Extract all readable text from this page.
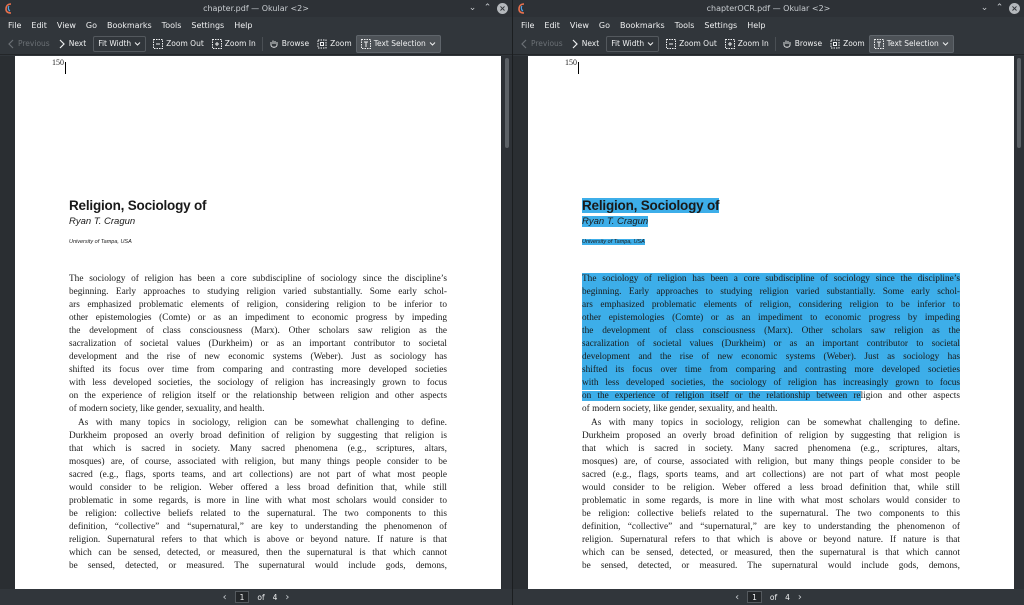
chapter.pdf — Okular <2>	⌄ ⌃ ×
File	Edit	View	Go	Bookmarks	Tools	Settings	Help
Previous	Next Fit Width	Zoom Out	Zoom In	Browse	Zoom	Text Selection
150
Religion, Sociology of
Ryan T. Cragun
University of Tampa, USA
The sociology of religion has been a core subdiscipline of sociology since the discipline’s
beginning. Early approaches to studying religion varied substantially. Some early schol-
ars emphasized problematic elements of religion, considering religion to be inferior to
other epistemologies (Comte) or as an impediment to economic progress by impeding
the development of class consciousness (Marx). Other scholars saw religion as the
sacralization of societal values (Durkheim) or as an important contributor to societal
development and the rise of new economic systems (Weber). Just as sociology has
shifted its focus over time from comparing and contrasting more developed societies
with less developed societies, the sociology of religion has increasingly grown to focus
on the experience of religion itself or the relationship between religion and other aspects
of modern society, like gender, sexuality, and health.
As with many topics in sociology, religion can be somewhat challenging to define.
Durkheim proposed an overly broad definition of religion by suggesting that religion is
that which is sacred in society. Many sacred phenomena (e.g., scriptures, altars,
mosques) are, of course, associated with religion, but many things people consider to be
sacred (e.g., flags, sports teams, and art collections) are not part of what most people
would consider to be religion. Weber offered a less broad definition that, while still
problematic in some regards, is more in line with what most scholars would consider to
be religion: collective beliefs related to the supernatural. The two components to this
definition, “collective” and “supernatural,” are key to understanding the phenomenon of
religion. Supernatural refers to that which is above or beyond nature. If nature is that
which can be sensed, detected, or measured, then the supernatural is that which cannot
be sensed, detected, or measured. The supernatural would include gods, demons,
‹	1	of 4 ›
chapterOCR.pdf — Okular <2>	⌄ ⌃ ×
File	Edit	View	Go	Bookmarks	Tools	Settings	Help
Previous	Next Fit Width	Zoom Out	Zoom In	Browse	Zoom	Text Selection
150
Religion, Sociology of
Ryan T. Cragun
University of Tampa, USA
The sociology of religion has been a core subdiscipline of sociology since the discipline’s
beginning. Early approaches to studying religion varied substantially. Some early schol-
ars emphasized problematic elements of religion, considering religion to be inferior to
other epistemologies (Comte) or as an impediment to economic progress by impeding
the development of class consciousness (Marx). Other scholars saw religion as the
sacralization of societal values (Durkheim) or as an important contributor to societal
development and the rise of new economic systems (Weber). Just as sociology has
shifted its focus over time from comparing and contrasting more developed societies
with less developed societies, the sociology of religion has increasingly grown to focus
on the experience of religion itself or the relationship between religion and other aspects
of modern society, like gender, sexuality, and health.
As with many topics in sociology, religion can be somewhat challenging to define.
Durkheim proposed an overly broad definition of religion by suggesting that religion is
that which is sacred in society. Many sacred phenomena (e.g., scriptures, altars,
mosques) are, of course, associated with religion, but many things people consider to be
sacred (e.g., flags, sports teams, and art collections) are not part of what most people
would consider to be religion. Weber offered a less broad definition that, while still
problematic in some regards, is more in line with what most scholars would consider to
be religion: collective beliefs related to the supernatural. The two components to this
definition, “collective” and “supernatural,” are key to understanding the phenomenon of
religion. Supernatural refers to that which is above or beyond nature. If nature is that
which can be sensed, detected, or measured, then the supernatural is that which cannot
be sensed, detected, or measured. The supernatural would include gods, demons,
‹	1	of 4 ›
